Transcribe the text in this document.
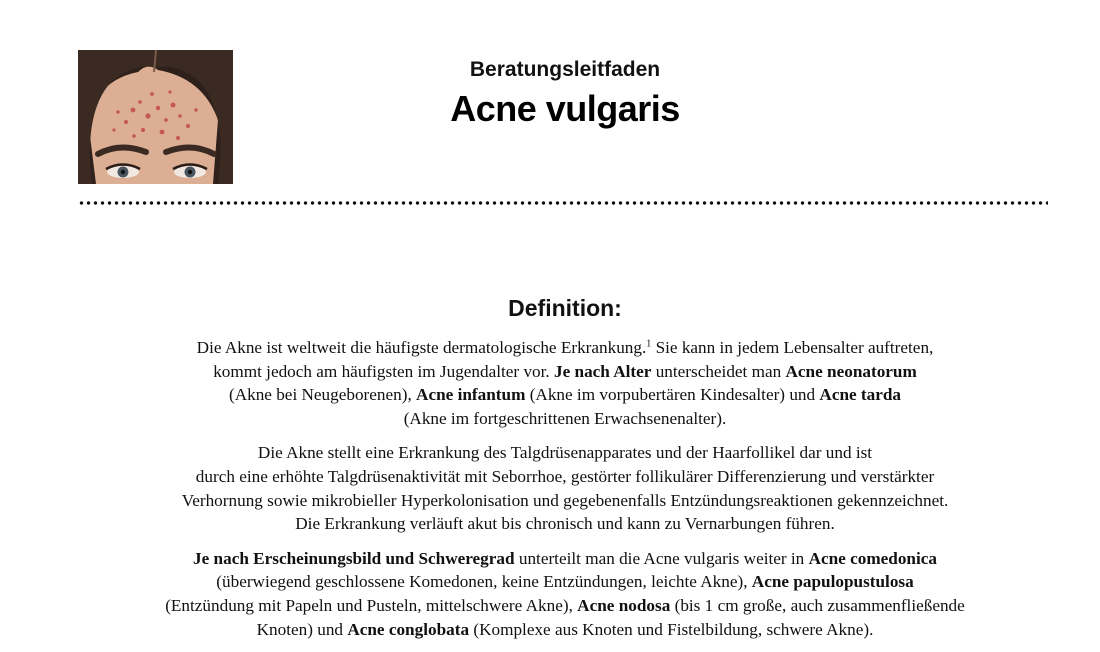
Beratungsleitfaden
Acne vulgaris
Definition:

Die Akne ist weltweit die häufigste dermatologische Erkrankung.$^1$ Sie kann in jedem Lebensalter auftreten,
kommt jedoch am häufigsten im Jugendalter vor. Je nach Alter unterscheidet man Acne neonatorum
(Akne bei Neugeborenen), Acne infantum (Akne im vorpubertären Kindesalter) und Acne tarda
(Akne im fortgeschrittenen Erwachsenenalter).

Die Akne stellt eine Erkrankung des Talgdrüsenapparates und der Haarfollikel dar und ist
durch eine erhöhte Talgdrüsenaktivität mit Seborrhoe, gestörter follikulärer Differenzierung und verstärkter
Verhornung sowie mikrobieller Hyperkolonisation und gegebenenfalls Entzündungsreaktionen gekennzeichnet.
Die Erkrankung verläuft akut bis chronisch und kann zu Vernarbungen führen.

Je nach Erscheinungsbild und Schweregrad unterteilt man die Acne vulgaris weiter in Acne comedonica
(überwiegend geschlossene Komedonen, keine Entzündungen, leichte Akne), Acne papulopustulosa
(Entzündung mit Papeln und Pusteln, mittelschwere Akne), Acne nodosa (bis 1 cm große, auch zusammenfließende
Knoten) und Acne conglobata (Komplexe aus Knoten und Fistelbildung, schwere Akne).
